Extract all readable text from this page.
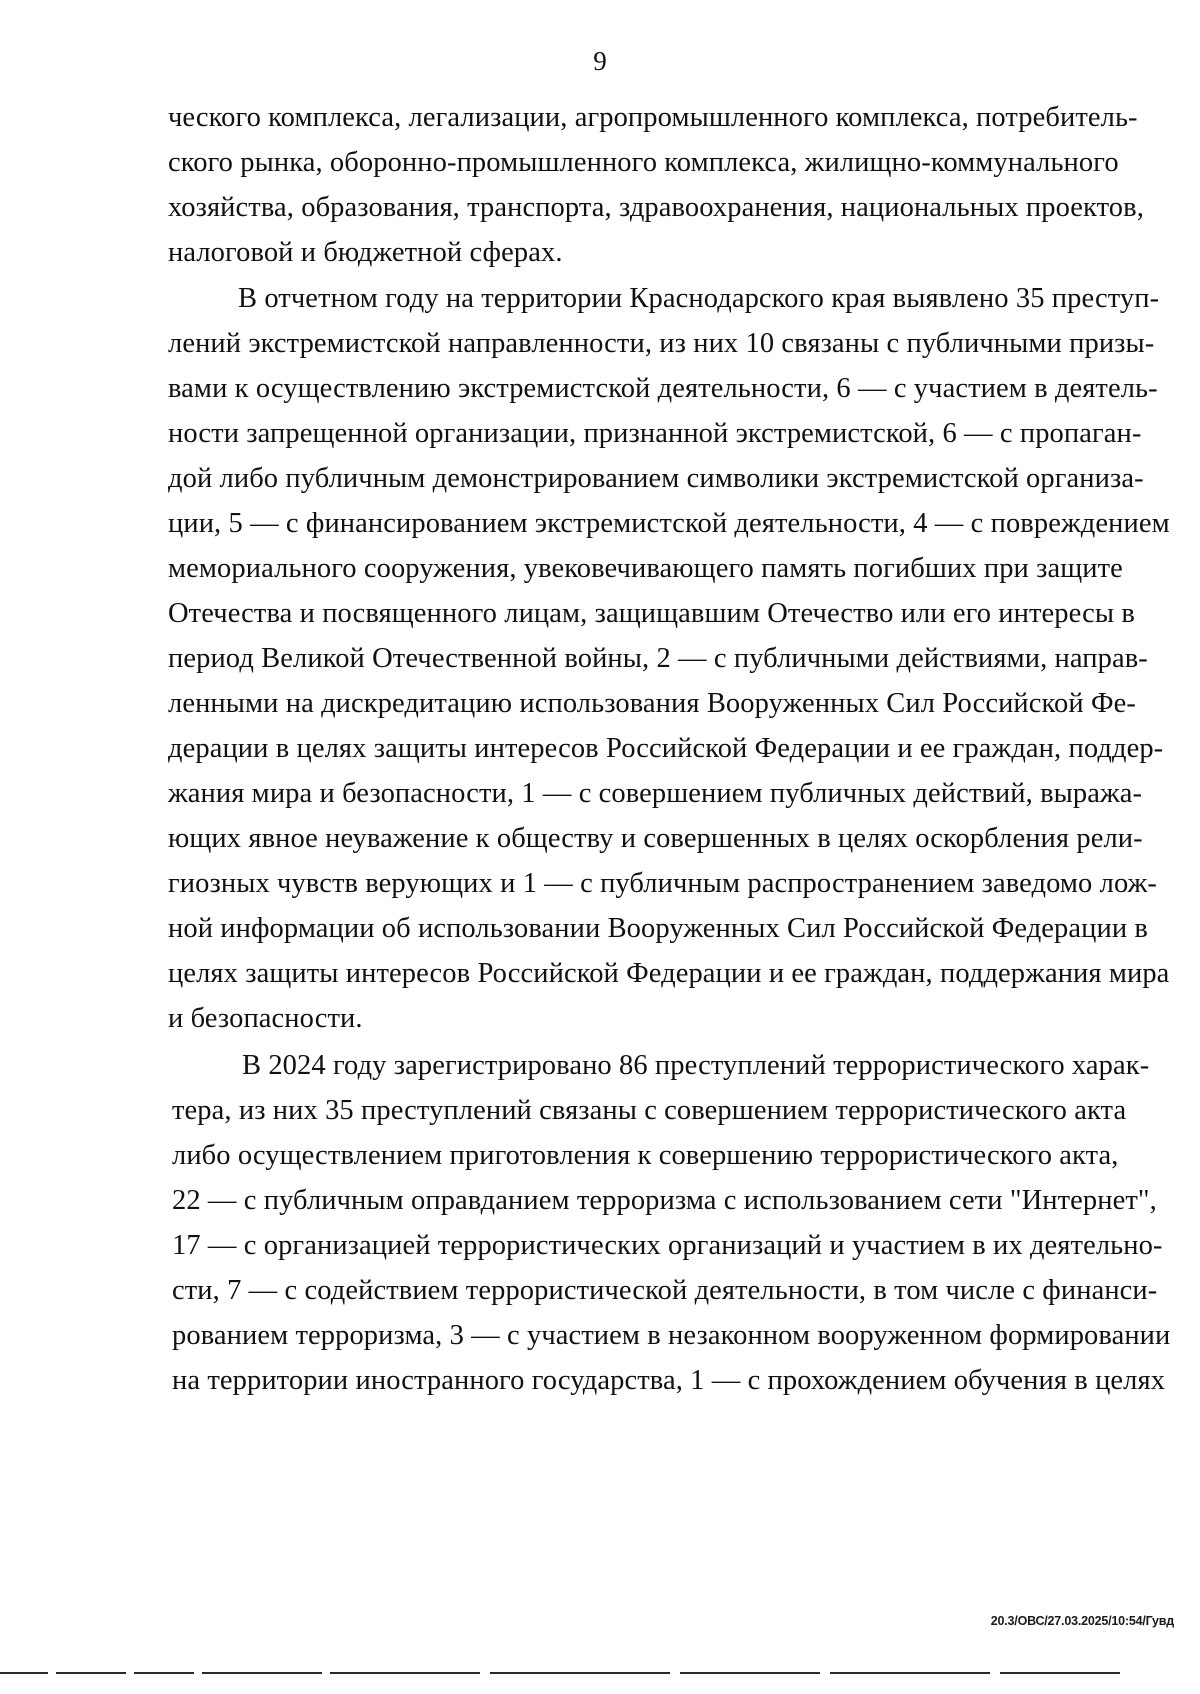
9
ческого комплекса, легализации, агропромышленного комплекса, потребитель-
ского рынка, оборонно-промышленного комплекса, жилищно-коммунального
хозяйства, образования, транспорта, здравоохранения, национальных проектов,
налоговой и бюджетной сферах.
В отчетном году на территории Краснодарского края выявлено 35 преступ-
лений экстремистской направленности, из них 10 связаны с публичными призы-
вами к осуществлению экстремистской деятельности, 6 — с участием в деятель-
ности запрещенной организации, признанной экстремистской, 6 — с пропаган-
дой либо публичным демонстрированием символики экстремистской организа-
ции, 5 — с финансированием экстремистской деятельности, 4 — с повреждением
мемориального сооружения, увековечивающего память погибших при защите
Отечества и посвященного лицам, защищавшим Отечество или его интересы в
период Великой Отечественной войны, 2 — с публичными действиями, направ-
ленными на дискредитацию использования Вооруженных Сил Российской Фе-
дерации в целях защиты интересов Российской Федерации и ее граждан, поддер-
жания мира и безопасности, 1 — с совершением публичных действий, выража-
ющих явное неуважение к обществу и совершенных в целях оскорбления рели-
гиозных чувств верующих и 1 — с публичным распространением заведомо лож-
ной информации об использовании Вооруженных Сил Российской Федерации в
целях защиты интересов Российской Федерации и ее граждан, поддержания мира
и безопасности.
В 2024 году зарегистрировано 86 преступлений террористического харак-
тера, из них 35 преступлений связаны с совершением террористического акта
либо осуществлением приготовления к совершению террористического акта,
22 — с публичным оправданием терроризма с использованием сети "Интернет",
17 — с организацией террористических организаций и участием в их деятельно-
сти, 7 — с содействием террористической деятельности, в том числе с финанси-
рованием терроризма, 3 — с участием в незаконном вооруженном формировании
на территории иностранного государства, 1 — с прохождением обучения в целях
20.3/ОВС/27.03.2025/10:54/Гувд
